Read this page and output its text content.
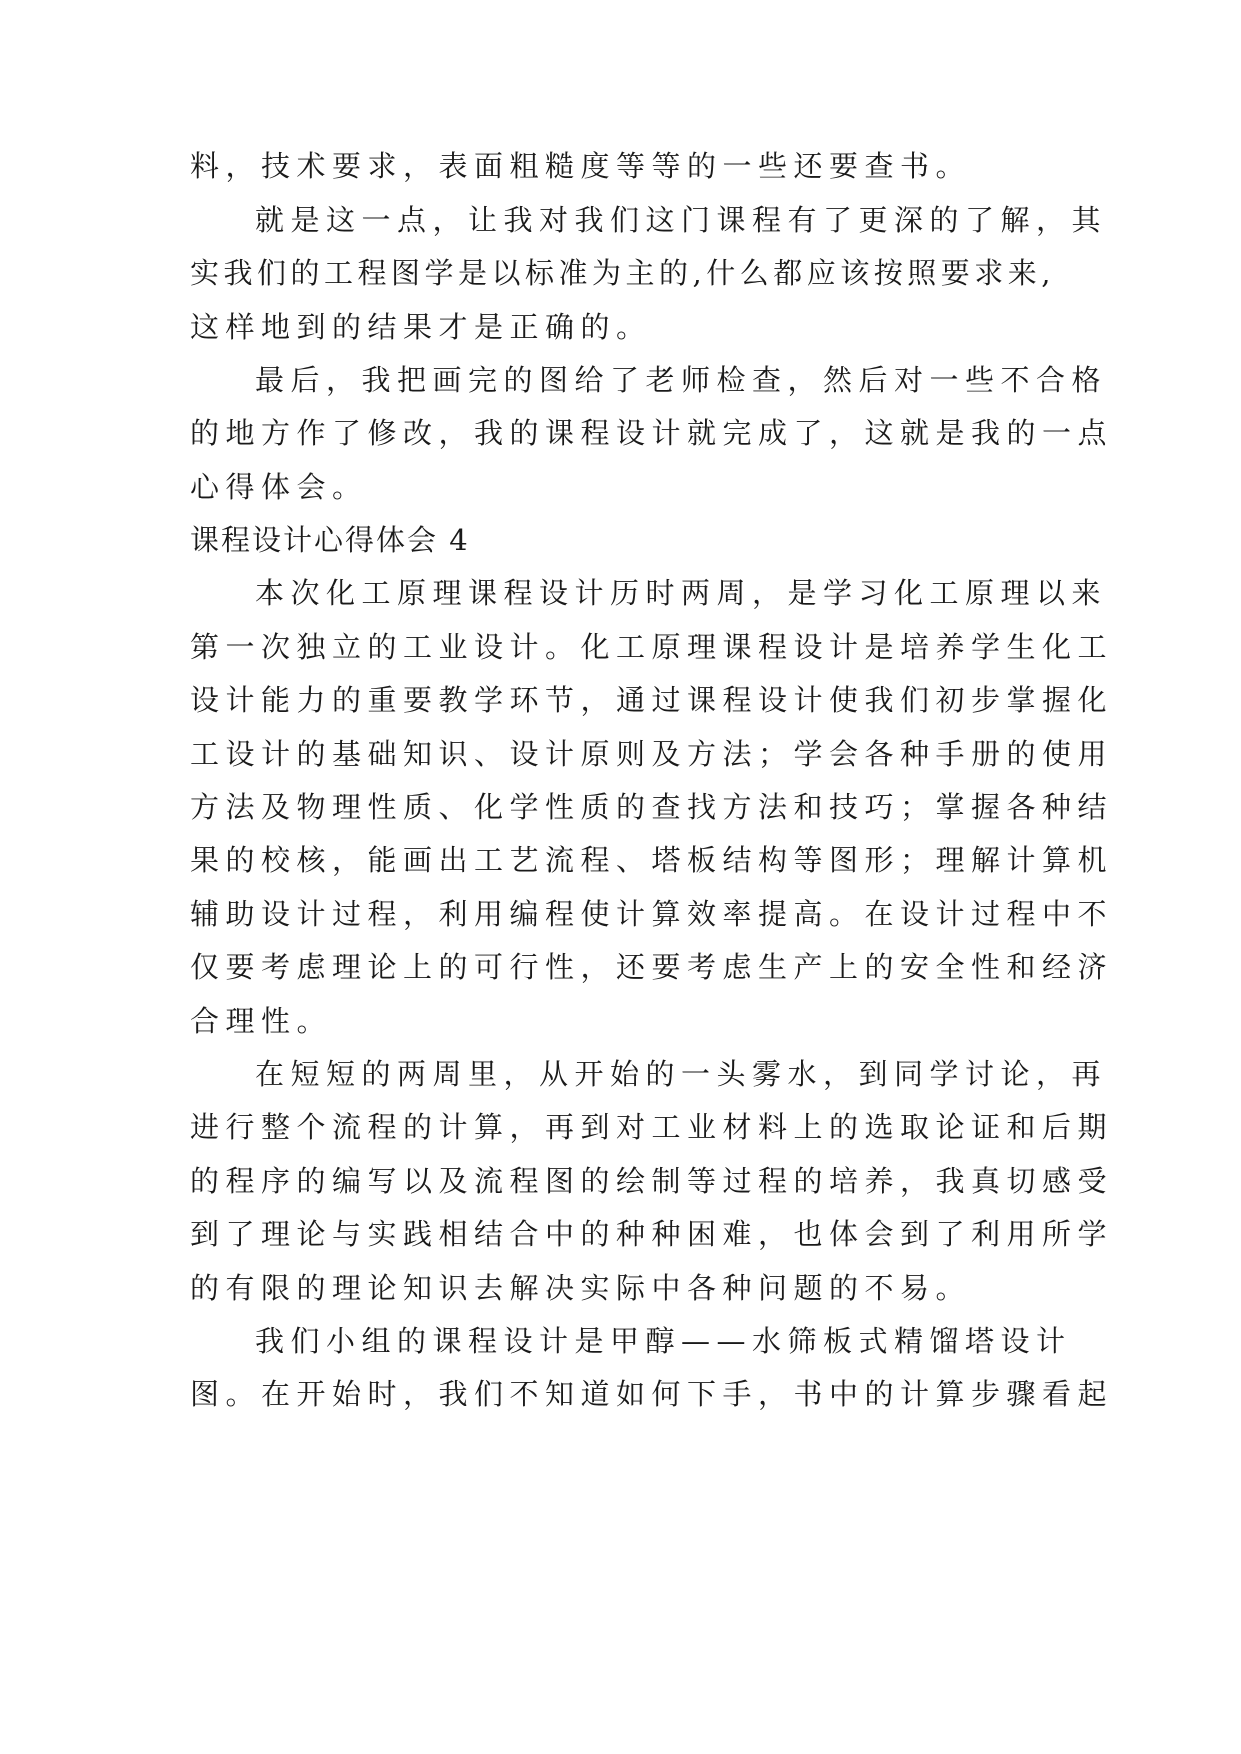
料，技术要求，表面粗糙度等等的一些还要查书。
就是这一点，让我对我们这门课程有了更深的了解，其
实我们的工程图学是以标准为主的,什么都应该按照要求来,
这样地到的结果才是正确的。
最后，我把画完的图给了老师检查，然后对一些不合格
的地方作了修改，我的课程设计就完成了，这就是我的一点
心得体会。
课程设计心得体会 4
本次化工原理课程设计历时两周，是学习化工原理以来
第一次独立的工业设计。化工原理课程设计是培养学生化工
设计能力的重要教学环节，通过课程设计使我们初步掌握化
工设计的基础知识、设计原则及方法；学会各种手册的使用
方法及物理性质、化学性质的查找方法和技巧；掌握各种结
果的校核，能画出工艺流程、塔板结构等图形；理解计算机
辅助设计过程，利用编程使计算效率提高。在设计过程中不
仅要考虑理论上的可行性，还要考虑生产上的安全性和经济
合理性。
在短短的两周里，从开始的一头雾水，到同学讨论，再
进行整个流程的计算，再到对工业材料上的选取论证和后期
的程序的编写以及流程图的绘制等过程的培养，我真切感受
到了理论与实践相结合中的种种困难，也体会到了利用所学
的有限的理论知识去解决实际中各种问题的不易。
我们小组的课程设计是甲醇——水筛板式精馏塔设计
图。在开始时，我们不知道如何下手，书中的计算步骤看起
